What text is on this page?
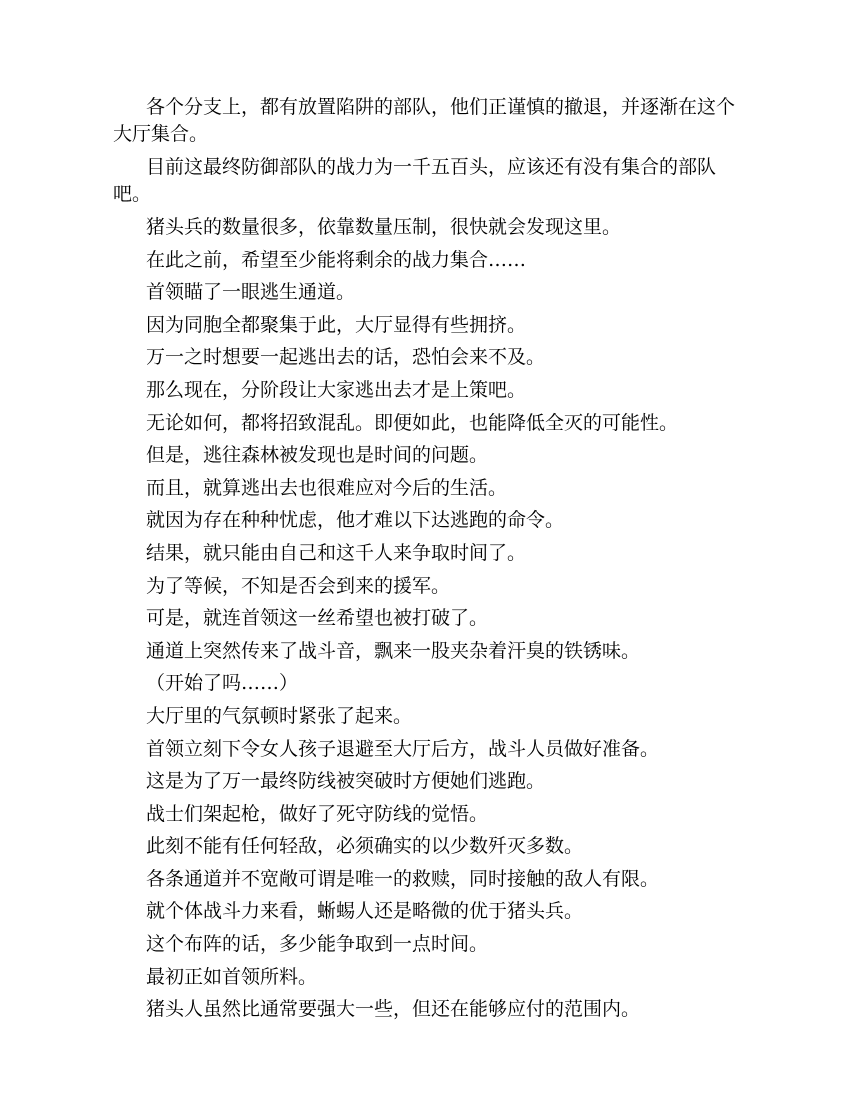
各个分支上，都有放置陷阱的部队，他们正谨慎的撤退，并逐渐在这个大厅集合。

目前这最终防御部队的战力为一千五百头，应该还有没有集合的部队吧。

猪头兵的数量很多，依靠数量压制，很快就会发现这里。

在此之前，希望至少能将剩余的战力集合……

首领瞄了一眼逃生通道。

因为同胞全都聚集于此，大厅显得有些拥挤。

万一之时想要一起逃出去的话，恐怕会来不及。

那么现在，分阶段让大家逃出去才是上策吧。

无论如何，都将招致混乱。即便如此，也能降低全灭的可能性。

但是，逃往森林被发现也是时间的问题。

而且，就算逃出去也很难应对今后的生活。

就因为存在种种忧虑，他才难以下达逃跑的命令。

结果，就只能由自己和这千人来争取时间了。

为了等候，不知是否会到来的援军。

可是，就连首领这一丝希望也被打破了。

通道上突然传来了战斗音，飘来一股夹杂着汗臭的铁锈味。

（开始了吗……）

大厅里的气氛顿时紧张了起来。

首领立刻下令女人孩子退避至大厅后方，战斗人员做好准备。

这是为了万一最终防线被突破时方便她们逃跑。

战士们架起枪，做好了死守防线的觉悟。

此刻不能有任何轻敌，必须确实的以少数歼灭多数。

各条通道并不宽敞可谓是唯一的救赎，同时接触的敌人有限。

就个体战斗力来看，蜥蜴人还是略微的优于猪头兵。

这个布阵的话，多少能争取到一点时间。

最初正如首领所料。

猪头人虽然比通常要强大一些，但还在能够应付的范围内。
